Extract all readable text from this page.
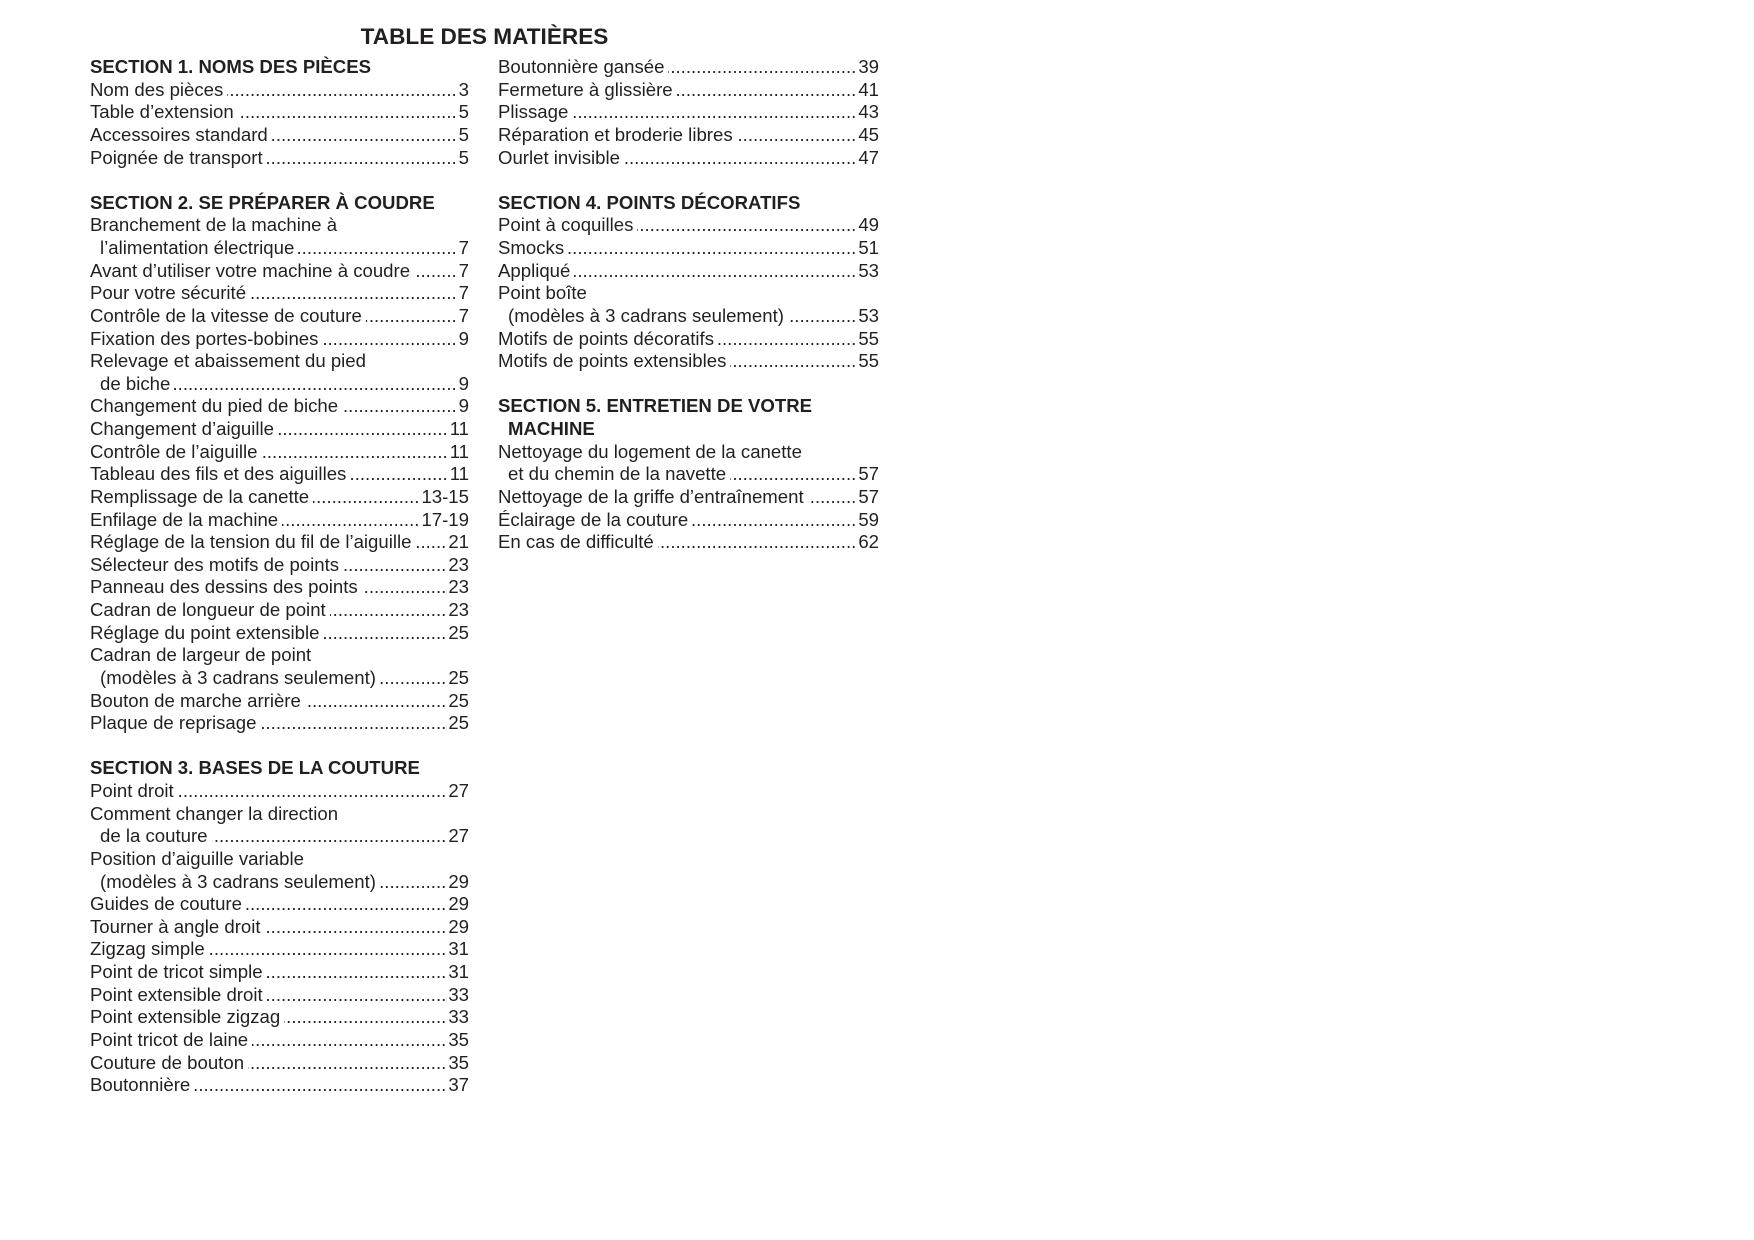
TABLE DES MATIÈRES
SECTION 1. NOMS DES PIÈCES
Nom des pièces .....	3
Table d’extension .....	5
Accessoires standard .....	5
Poignée de transport .....	5
SECTION 2. SE PRÉPARER À COUDRE
Branchement de la machine à
l’alimentation électrique .....	7
Avant d’utiliser votre machine à coudre .....	7
Pour votre sécurité .....	7
Contrôle de la vitesse de couture .....	7
Fixation des portes-bobines .....	9
Relevage et abaissement du pied
de biche .....	9
Changement du pied de biche .....	9
Changement d’aiguille .....	11
Contrôle de l’aiguille .....	11
Tableau des fils et des aiguilles .....	11
Remplissage de la canette .....	13-15
Enfilage de la machine .....	17-19
Réglage de la tension du fil de l’aiguille ..... 21
Sélecteur des motifs de points .....	23
Panneau des dessins des points .....	23
Cadran de longueur de point .....	23
Réglage du point extensible .....	25
Cadran de largeur de point
(modèles à 3 cadrans seulement) .....	25
Bouton de marche arrière .....	25
Plaque de reprisage .....	25
SECTION 3. BASES DE LA COUTURE
Point droit .....	27
Comment changer la direction
de la couture .....	27
Position d’aiguille variable
(modèles à 3 cadrans seulement) .....	29
Guides de couture .....	29
Tourner à angle droit .....	29
Zigzag simple .....	31
Point de tricot simple .....	31
Point extensible droit .....	33
Point extensible zigzag .....	33
Point tricot de laine .....	35
Couture de bouton .....	35
Boutonnière .....	37
Boutonnière gansée .....	39
Fermeture à glissière .....	41
Plissage .....	43
Réparation et broderie libres .....	45
Ourlet invisible .....	47
SECTION 4. POINTS DÉCORATIFS
Point à coquilles .....	49
Smocks .....	51
Appliqué .....	53
Point boîte
(modèles à 3 cadrans seulement) .....	53
Motifs de points décoratifs .....	55
Motifs de points extensibles .....	55
SECTION 5. ENTRETIEN DE VOTRE
MACHINE
Nettoyage du logement de la canette
et du chemin de la navette .....	57
Nettoyage de la griffe d’entraînement .....	57
Éclairage de la couture .....	59
En cas de difficulté .....	62
